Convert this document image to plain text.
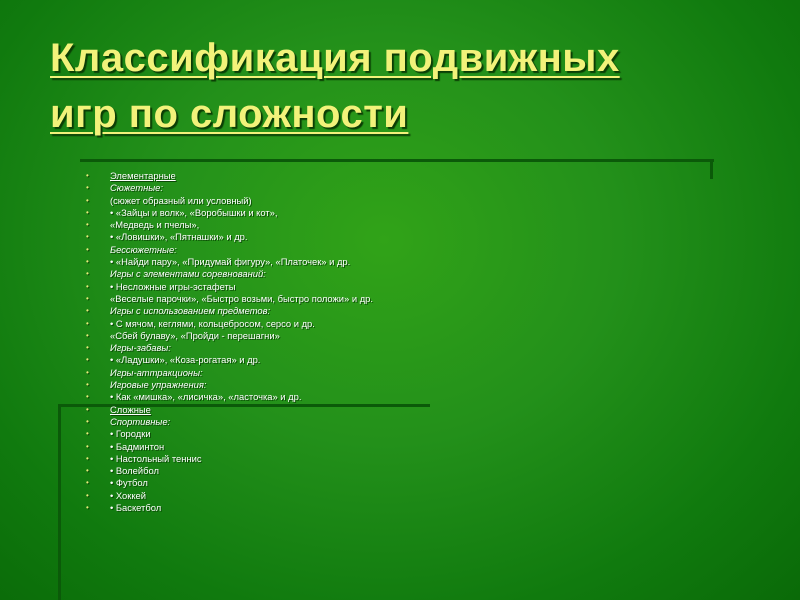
Классификация подвижных
игр по сложности
• Элементарные
• Сюжетные:
• (сюжет образный или условный)
• • «Зайцы и волк», «Воробышки и кот»,
• «Медведь и пчелы»,
• • «Ловишки», «Пятнашки» и др.
• Бессюжетные:
• • «Найди пару», «Придумай фигуру», «Платочек» и др.
• Игры с элементами соревнований:
• • Несложные игры-эстафеты
• «Веселые парочки», «Быстро возьми, быстро положи» и др.
• Игры с использованием предметов:
• • С мячом, кеглями, кольцебросом, серсо и др.
• «Сбей булаву», «Пройди - перешагни»
• Игры-забавы:
• • «Ладушки», «Коза-рогатая» и др.
• Игры-аттракционы:
• Игровые упражнения:
• • Как «мишка», «лисичка», «ласточка» и др.
• Сложные
• Спортивные:
• • Городки
• • Бадминтон
• • Настольный теннис
• • Волейбол
• • Футбол
• • Хоккей
• • Баскетбол
